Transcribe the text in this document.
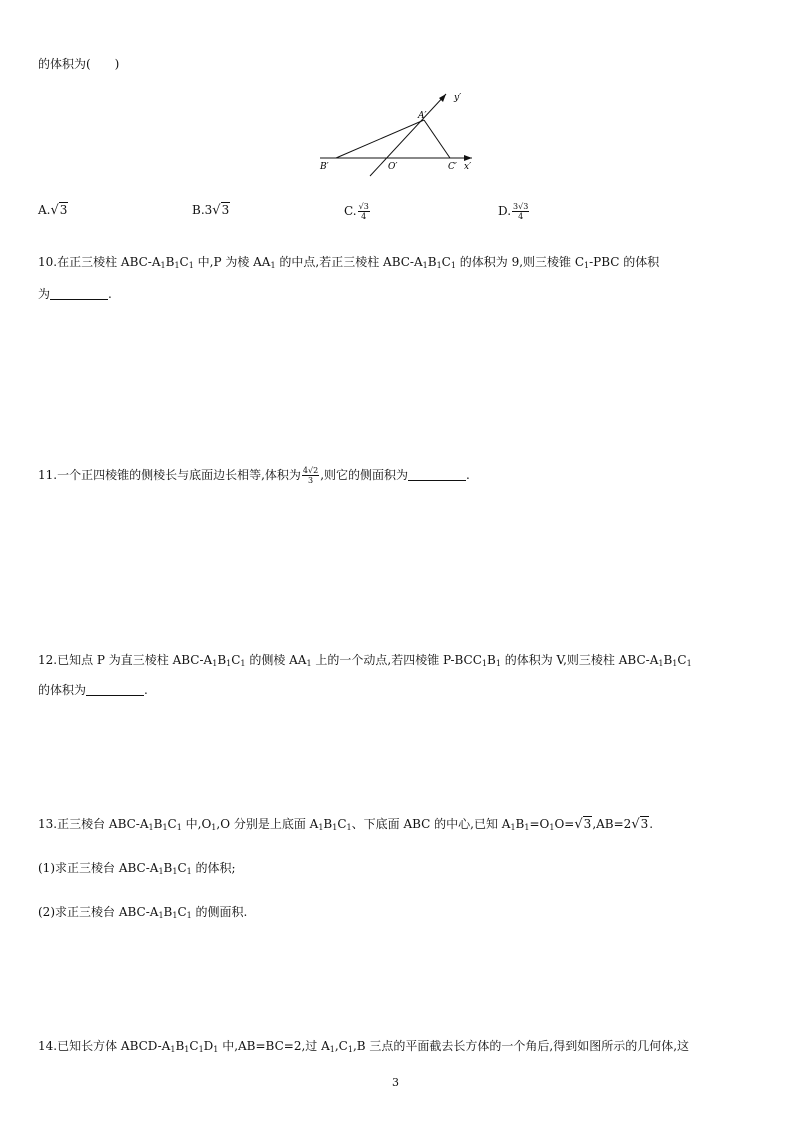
的体积为(　　)
A′
B′	O′	C′ x′
y′
A.√3	B.3√3	C. $\frac{√3}{4}$	D. $\frac{3√3}{4}$
10.在正三棱柱 ABC-$A_1B_1C_1$ 中,P 为棱 $AA_1$ 的中点,若正三棱柱 ABC-$A_1B_1C_1$ 的体积为 9,则三棱锥 $C_1$-PBC 的体积
为	.
11.一个正四棱锥的侧棱长与底面边长相等,体积为 $\frac{4√2}{3}$ ,则它的侧面积为	.
12.已知点 P 为直三棱柱 ABC-$A_1B_1C_1$ 的侧棱 $AA_1$ 上的一个动点,若四棱锥 $P-BCC_1B_1$ 的体积为 V,则三棱柱 ABC-$A_1B_1C_1$
的体积为	.
13.正三棱台 ABC-$A_1B_1C_1$ 中$,O_1,O$ 分别是上底面 $A_1B_1C_1$、下底面 ABC 的中心,已知 $A_1B_1=O_1O=√3,AB=2√3$.
(1)求正三棱台 ABC-$A_1B_1C_1$ 的体积;
(2)求正三棱台 ABC-$A_1B_1C_1$ 的侧面积.
14.已知长方体 ABCD-$A_1B_1C_1D_1$ 中,AB=BC=2,过 $A_1,C_1,B$ 三点的平面截去长方体的一个角后,得到如图所示的几何体,这
3
